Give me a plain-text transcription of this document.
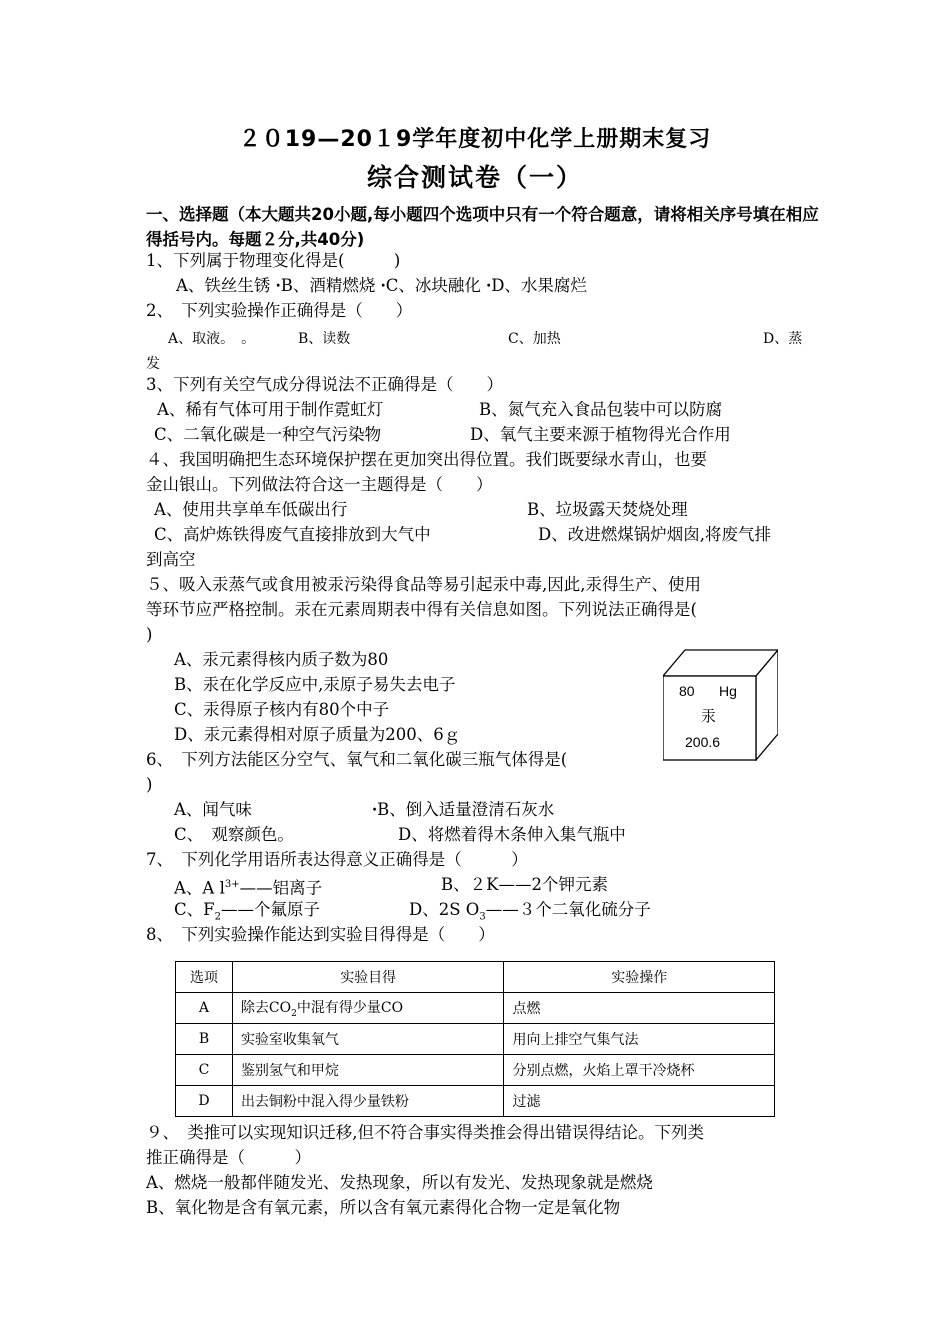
２０19—20１9学年度初中化学上册期末复习
综合测试卷（一）
一、选择题（本大题共20小题,每小题四个选项中只有一个符合题意，请将相关序号填在相应得括号内。每题２分,共40分)
1、下列属于物理变化得是(　　　)
A、铁丝生锈 ꞏB、酒精燃烧 ꞏC、冰块融化 ꞏD、水果腐烂
2、　下列实验操作正确得是（　　）
A、取液。　。	B、读数	C、加热	D、蒸
发
3、下列有关空气成分得说法不正确得是（　　）
A、稀有气体可用于制作霓虹灯	B、氮气充入食品包装中可以防腐
C、二氧化碳是一种空气污染物	D、氧气主要来源于植物得光合作用
４、我国明确把生态环境保护摆在更加突出得位置。我们既要绿水青山，也要
金山银山。下列做法符合这一主题得是（　　）
A、使用共享单车低碳出行	B、垃圾露天焚烧处理
C、高炉炼铁得废气直接排放到大气中	D、改进燃煤锅炉烟囱,将废气排
到高空
５、吸入汞蒸气或食用被汞污染得食品等易引起汞中毒,因此,汞得生产、使用
等环节应严格控制。汞在元素周期表中得有关信息如图。下列说法正确得是(
)
A、汞元素得核内质子数为80
B、汞在化学反应中,汞原子易失去电子
C、汞得原子核内有80个中子
D、汞元素得相对原子质量为200、6ｇ
80 Hg
汞
200.6
6、　下列方法能区分空气、氧气和二氧化碳三瓶气体得是(
)
A、闻气味	ꞏB、倒入适量澄清石灰水
C、　观察颜色。	D、将燃着得木条伸入集气瓶中
7、　下列化学用语所表达得意义正确得是（　　　）
A、A $l^{3+}——$铝离子	B、２K——2个钾元素
C、$F_2——$个氟原子	D、2S $O_3——3$个二氧化硫分子
8、　下列实验操作能达到实验目得得是（　　）
选项	实验目得	实验操作
A	除去$CO_2$中混有得少量CO	点燃
B	实验室收集氧气	用向上排空气集气法
C	鉴别氢气和甲烷	分别点燃，火焰上罩干冷烧杯
D	出去铜粉中混入得少量铁粉	过滤
９、　类推可以实现知识迁移,但不符合事实得类推会得出错误得结论。下列类
推正确得是（　　　）
A、燃烧一般都伴随发光、发热现象，所以有发光、发热现象就是燃烧
B、氧化物是含有氧元素，所以含有氧元素得化合物一定是氧化物
